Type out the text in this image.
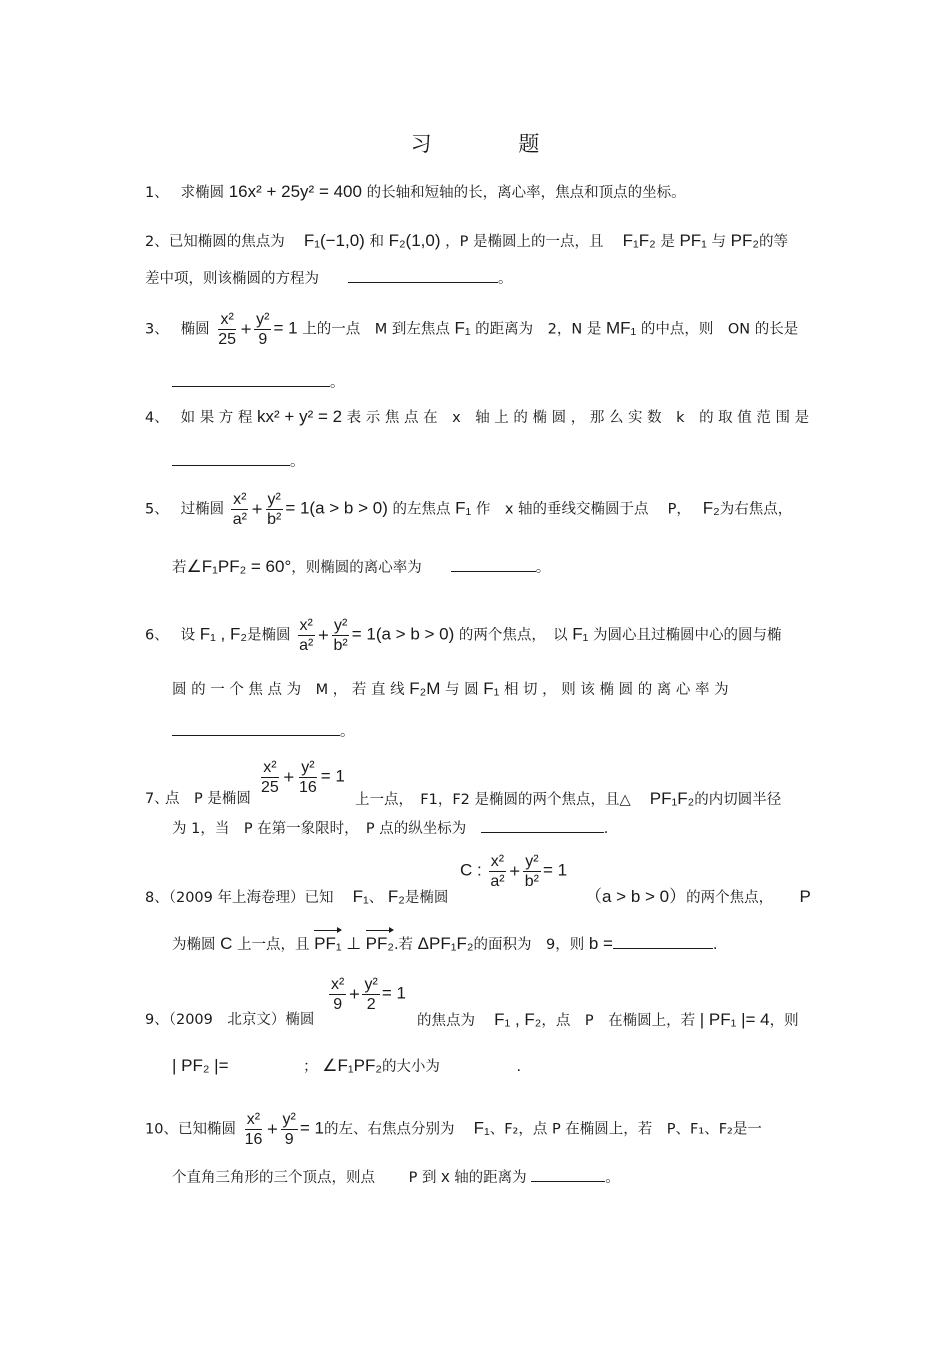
习 题
1、　 求椭圆 16x² + 25y² = 400 的长轴和短轴的长，离心率，焦点和顶点的坐标。
2、已知椭圆的焦点为　 F₁(−1,0) 和 F₂(1,0) ，P 是椭圆上的一点，且　 F₁F₂ 是 PF₁ 与 PF₂的等
差中项，则该椭圆的方程为　　	。
3、　 椭圆 $\frac{\text{x²}}{25} + \frac{\text{y²}}{9} = 1$ 上的一点　M 到左焦点 F₁ 的距离为　2，N 是 MF₁ 的中点，则　ON 的长是
。
4、　 如 果 方 程 kx² + y² = 2 表 示 焦 点 在　x　轴 上 的 椭 圆 ， 那 么 实 数　k　的 取 值 范 围 是
。
5、　 过椭圆 $\frac{\text{x²}}{\text{a²}} + \frac{\text{y²}}{\text{b²}} = 1(a > b > 0)$ 的左焦点 F₁ 作　x 轴的垂线交椭圆于点　 P，　 F₂为右焦点，
若∠F₁PF₂ = 60°，则椭圆的离心率为　　	。
6、　 设 F₁ , F₂是椭圆 $\frac{\text{x²}}{\text{a²}} + \frac{\text{y²}}{\text{b²}} = 1(a > b > 0)$ 的两个焦点，　以 F₁ 为圆心且过椭圆中心的圆与椭
圆 的 一 个 焦 点 为　M ， 若 直 线 F₂M 与 圆 F₁ 相 切 ， 则 该 椭 圆 的 离 心 率 为
。
7、
点　P 是椭圆
$\frac{\text{x²}}{25} + \frac{\text{y²}}{16} = 1$
上一点，　F1，F2 是椭圆的两个焦点，且△　 PF₁F₂的内切圆半径
为 1，当　P 在第一象限时，　P 点的纵坐标为　	.
8、（2009 年上海卷理）已知　 F₁、 F₂是椭圆
C : $\frac{\text{x²}}{\text{a²}} + \frac{\text{y²}}{\text{b²}} = 1$
（a > b > 0）的两个焦点，　　 P
为椭圆 C 上一点，且 PF₁ ⊥ PF₂.若 ΔPF₁F₂的面积为　9，则 b =	.
9、（2009　北京文）椭圆
$\frac{\text{x²}}{9} + \frac{\text{y²}}{2} = 1$
的焦点为　 F₁ , F₂，点　P　在椭圆上，若 | PF₁ |= 4，则
| PF₂ |=	； ∠F₁PF₂的大小为	.
10、已知椭圆 $\frac{\text{x²}}{16} + \frac{\text{y²}}{9} = 1$的左、右焦点分别为　 F₁、F₂，点 P 在椭圆上，若　P、F₁、F₂是一
个直角三角形的三个顶点，则点　　 P 到 x 轴的距离为	。
